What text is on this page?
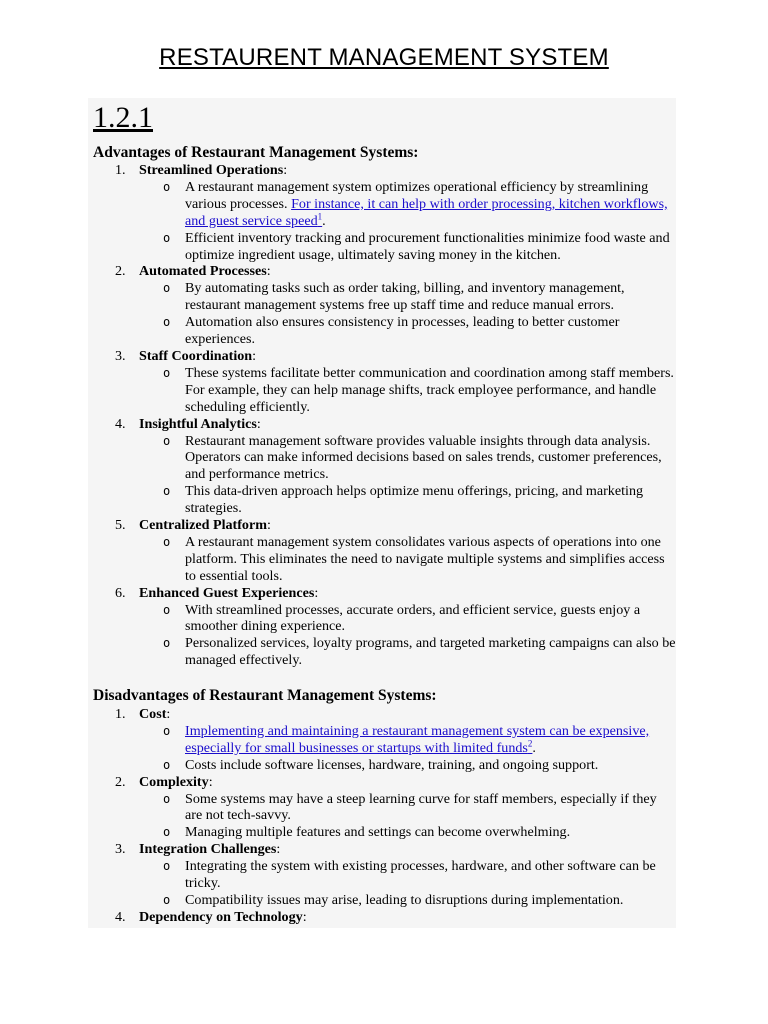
RESTAURENT MANAGEMENT SYSTEM
1.2.1
Advantages of Restaurant Management Systems:
1. Streamlined Operations:
o A restaurant management system optimizes operational efficiency by streamlining various processes. For instance, it can help with order processing, kitchen workflows, and guest service speed$^1$.
o Efficient inventory tracking and procurement functionalities minimize food waste and optimize ingredient usage, ultimately saving money in the kitchen.
2. Automated Processes:
o By automating tasks such as order taking, billing, and inventory management, restaurant management systems free up staff time and reduce manual errors.
o Automation also ensures consistency in processes, leading to better customer experiences.
3. Staff Coordination:
o These systems facilitate better communication and coordination among staff members. For example, they can help manage shifts, track employee performance, and handle scheduling efficiently.
4. Insightful Analytics:
o Restaurant management software provides valuable insights through data analysis. Operators can make informed decisions based on sales trends, customer preferences, and performance metrics.
o This data-driven approach helps optimize menu offerings, pricing, and marketing strategies.
5. Centralized Platform:
o A restaurant management system consolidates various aspects of operations into one platform. This eliminates the need to navigate multiple systems and simplifies access to essential tools.
6. Enhanced Guest Experiences:
o With streamlined processes, accurate orders, and efficient service, guests enjoy a smoother dining experience.
o Personalized services, loyalty programs, and targeted marketing campaigns can also be managed effectively.
Disadvantages of Restaurant Management Systems:
1. Cost:
o Implementing and maintaining a restaurant management system can be expensive, especially for small businesses or startups with limited funds$^2$.
o Costs include software licenses, hardware, training, and ongoing support.
2. Complexity:
o Some systems may have a steep learning curve for staff members, especially if they are not tech-savvy.
o Managing multiple features and settings can become overwhelming.
3. Integration Challenges:
o Integrating the system with existing processes, hardware, and other software can be tricky.
o Compatibility issues may arise, leading to disruptions during implementation.
4. Dependency on Technology:
